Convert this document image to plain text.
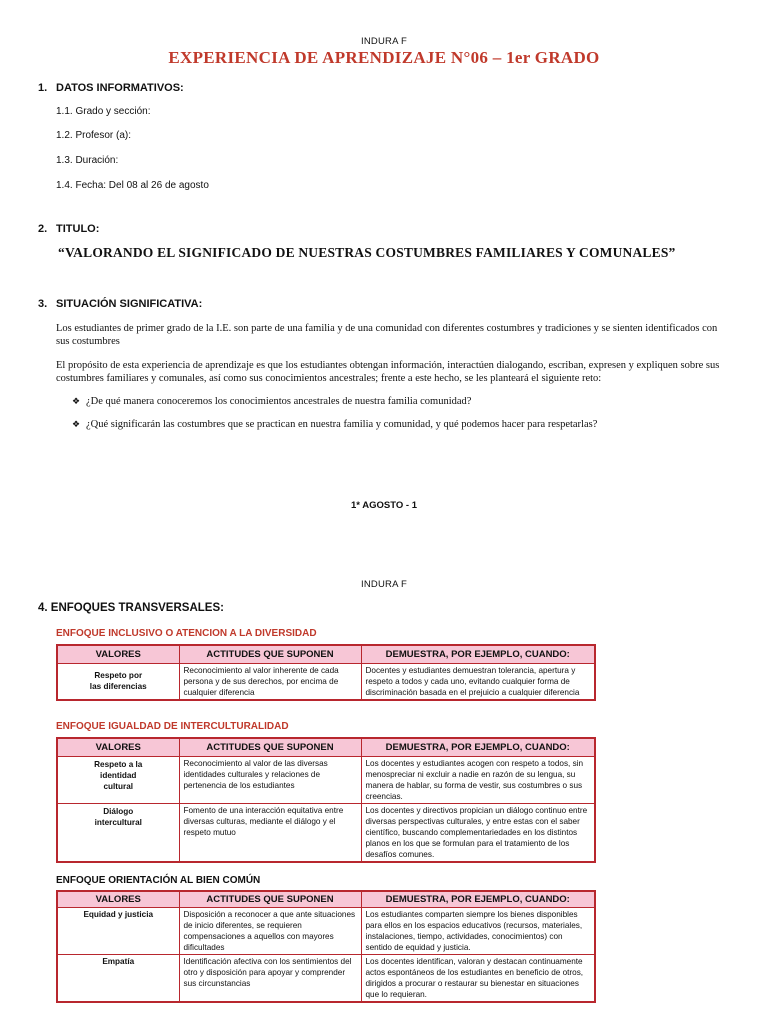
INDURA F
EXPERIENCIA DE APRENDIZAJE N°06 – 1er GRADO
1. DATOS INFORMATIVOS:
1.1. Grado y sección:
1.2. Profesor (a):
1.3. Duración:
1.4. Fecha: Del 08 al 26 de agosto
2. TITULO:
“VALORANDO EL SIGNIFICADO DE NUESTRAS COSTUMBRES FAMILIARES Y COMUNALES”
3. SITUACIÓN SIGNIFICATIVA:
Los estudiantes de primer grado de la I.E. son parte de una familia y de una comunidad con diferentes costumbres y tradiciones y se sienten identificados con sus costumbres
El propósito de esta experiencia de aprendizaje es que los estudiantes obtengan información, interactúen dialogando, escriban, expresen y expliquen sobre sus costumbres familiares y comunales, así como sus conocimientos ancestrales; frente a este hecho, se les planteará el siguiente reto:
❖ ¿De qué manera conoceremos los conocimientos ancestrales de nuestra familia comunidad?
❖ ¿Qué significarán las costumbres que se practican en nuestra familia y comunidad, y qué podemos hacer para respetarlas?
1* AGOSTO - 1
INDURA F
4. ENFOQUES TRANSVERSALES:
ENFOQUE INCLUSIVO O ATENCION A LA DIVERSIDAD
VALORES	ACTITUDES QUE SUPONEN	DEMUESTRA, POR EJEMPLO, CUANDO:
Respeto por las diferencias	Reconocimiento al valor inherente de cada persona y de sus derechos, por encima de cualquier diferencia	Docentes y estudiantes demuestran tolerancia, apertura y respeto a todos y cada uno, evitando cualquier forma de discriminación basada en el prejuicio a cualquier diferencia
ENFOQUE IGUALDAD DE INTERCULTURALIDAD
VALORES	ACTITUDES QUE SUPONEN	DEMUESTRA, POR EJEMPLO, CUANDO:
Respeto a la identidad cultural	Reconocimiento al valor de las diversas identidades culturales y relaciones de pertenencia de los estudiantes	Los docentes y estudiantes acogen con respeto a todos, sin menospreciar ni excluir a nadie en razón de su lengua, su manera de hablar, su forma de vestir, sus costumbres o sus creencias.
Diálogo intercultural	Fomento de una interacción equitativa entre diversas culturas, mediante el diálogo y el respeto mutuo	Los docentes y directivos propician un diálogo continuo entre diversas perspectivas culturales, y entre estas con el saber científico, buscando complementariedades en los distintos planos en los que se formulan para el tratamiento de los desafíos comunes.
ENFOQUE ORIENTACIÓN AL BIEN COMÚN
VALORES	ACTITUDES QUE SUPONEN	DEMUESTRA, POR EJEMPLO, CUANDO:
Equidad y justicia	Disposición a reconocer a que ante situaciones de inicio diferentes, se requieren compensaciones a aquellos con mayores dificultades	Los estudiantes comparten siempre los bienes disponibles para ellos en los espacios educativos (recursos, materiales, instalaciones, tiempo, actividades, conocimientos) con sentido de equidad y justicia.
Empatía	Identificación afectiva con los sentimientos del otro y disposición para apoyar y comprender sus circunstancias	Los docentes identifican, valoran y destacan continuamente actos espontáneos de los estudiantes en beneficio de otros, dirigidos a procurar o restaurar su bienestar en situaciones que lo requieran.
